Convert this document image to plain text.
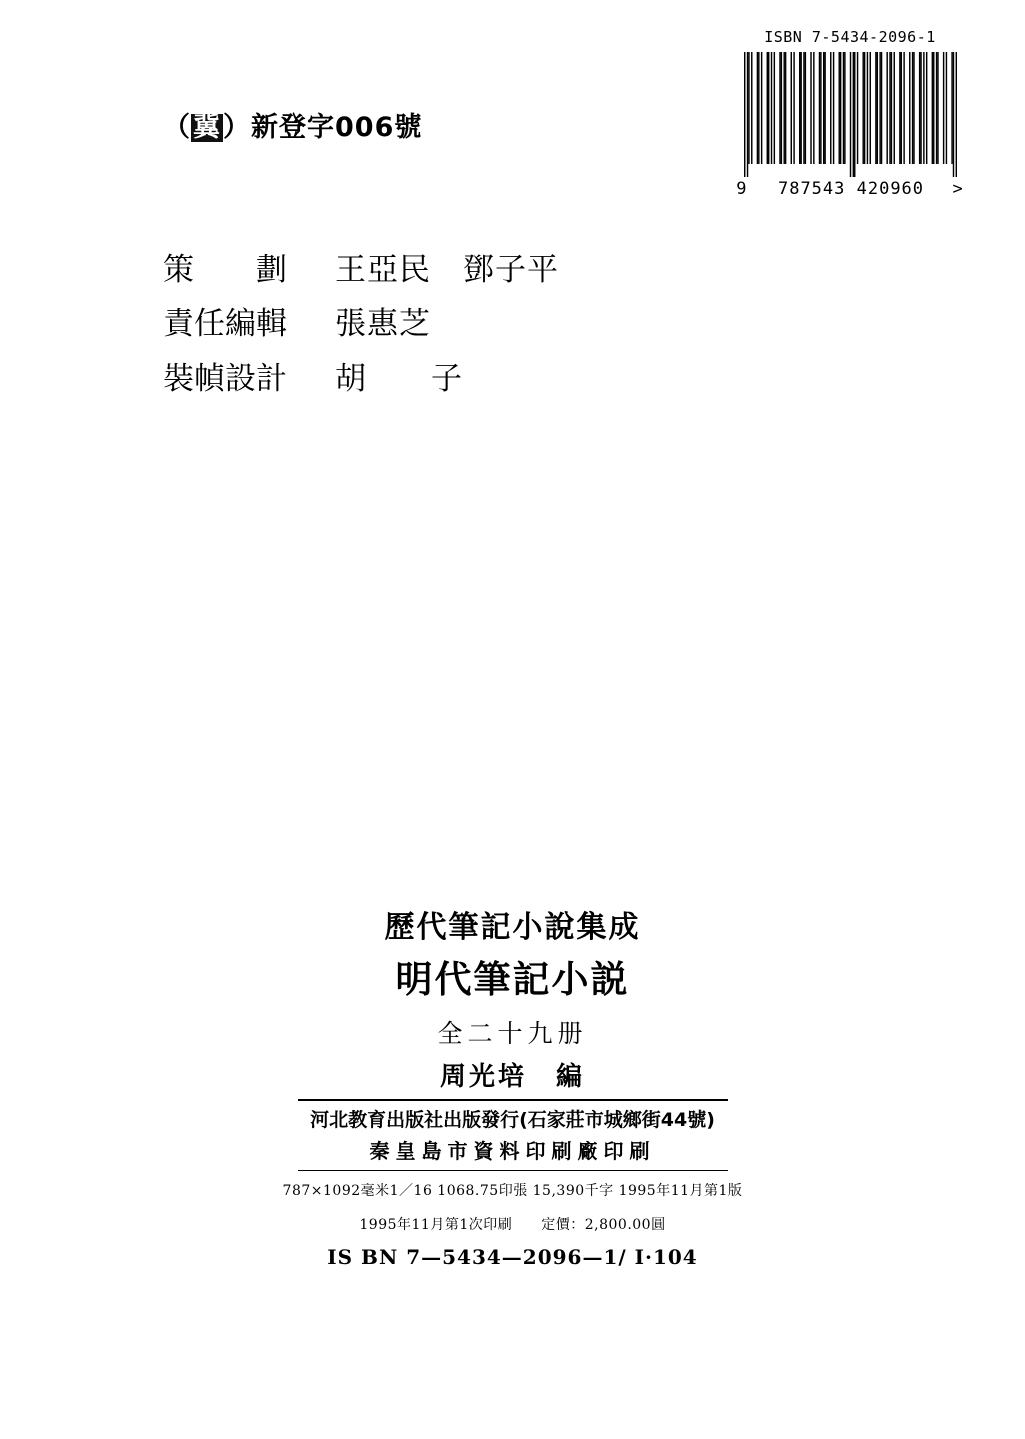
ISBN 7-5434-2096-1
9 787543 420960 >
（冀）新登字006號
策　　劃	王亞民　鄧子平
責任編輯	張惠芝
裝幀設計	胡　　子
歷代筆記小說集成
明代筆記小説
全二十九册
周光培　編
河北教育出版社出版發行(石家莊市城鄉街44號)
秦皇島市資料印刷廠印刷
787×1092毫米1／16 1068.75印張 15,390千字 1995年11月第1版
1995年11月第1次印刷　　定價：2,800.00圓
IS BN 7—5434—2096—1/ I·104
